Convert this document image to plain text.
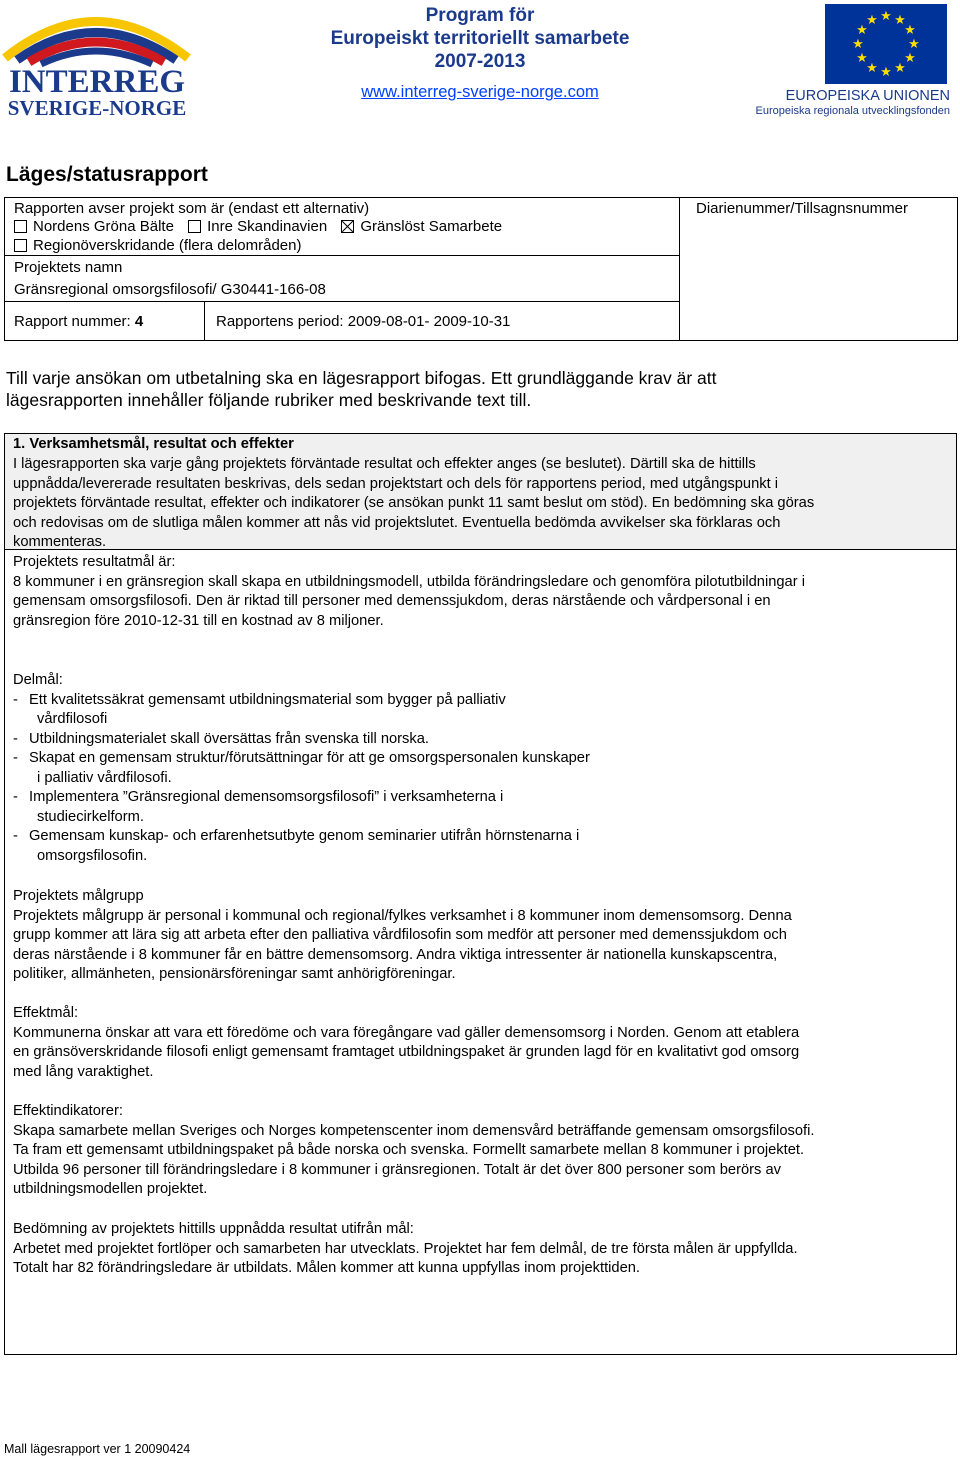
INTERREG
SVERIGE-NORGE
Program för
Europeiskt territoriellt samarbete
2007-2013
www.interreg-sverige-norge.com
★ ★
★
★
★
★
★
★
★
★
★
★
EUROPEISKA UNIONEN
Europeiska regionala utvecklingsfonden
Läges/statusrapport
Rapporten avser projekt som är (endast ett alternativ)
Nordens Gröna Bälte Inre Skandinavien Gränslöst Samarbete
Regionöverskridande (flera delområden)
Projektets namn
Gränsregional omsorgsfilosofi/ G30441-166-08
Rapport nummer: 4	Rapportens period: 2009-08-01- 2009-10-31
Diarienummer/Tillsagnsnummer
Till varje ansökan om utbetalning ska en lägesrapport bifogas. Ett grundläggande krav är att
lägesrapporten innehåller följande rubriker med beskrivande text till.
1. Verksamhetsmål, resultat och effekter

I lägesrapporten ska varje gång projektets förväntade resultat och effekter anges (se beslutet). Därtill ska de hittills

uppnådda/levererade resultaten beskrivas, dels sedan projektstart och dels för rapportens period, med utgångspunkt i

projektets förväntade resultat, effekter och indikatorer (se ansökan punkt 11 samt beslut om stöd). En bedömning ska göras

och redovisas om de slutliga målen kommer att nås vid projektslutet. Eventuella bedömda avvikelser ska förklaras och

kommenteras.

Projektets resultatmål är:

8 kommuner i en gränsregion skall skapa en utbildningsmodell, utbilda förändringsledare och genomföra pilotutbildningar i

gemensam omsorgsfilosofi. Den är riktad till personer med demenssjukdom, deras närstående och vårdpersonal i en

gränsregion före 2010-12-31 till en kostnad av 8 miljoner.

Delmål:

- Ett kvalitetssäkrat gemensamt utbildningsmaterial som bygger på palliativ

vårdfilosofi

- Utbildningsmaterialet skall översättas från svenska till norska.

- Skapat en gemensam struktur/förutsättningar för att ge omsorgspersonalen kunskaper

i palliativ vårdfilosofi.

- Implementera ”Gränsregional demensomsorgsfilosofi” i verksamheterna i

studiecirkelform.

- Gemensam kunskap- och erfarenhetsutbyte genom seminarier utifrån hörnstenarna i

omsorgsfilosofin.

Projektets målgrupp

Projektets målgrupp är personal i kommunal och regional/fylkes verksamhet i 8 kommuner inom demensomsorg. Denna

grupp kommer att lära sig att arbeta efter den palliativa vårdfilosofin som medför att personer med demenssjukdom och

deras närstående i 8 kommuner får en bättre demensomsorg. Andra viktiga intressenter är nationella kunskapscentra,

politiker, allmänheten, pensionärsföreningar samt anhörigföreningar.

Effektmål:

Kommunerna önskar att vara ett föredöme och vara föregångare vad gäller demensomsorg i Norden. Genom att etablera

en gränsöverskridande filosofi enligt gemensamt framtaget utbildningspaket är grunden lagd för en kvalitativt god omsorg

med lång varaktighet.

Effektindikatorer:

Skapa samarbete mellan Sveriges och Norges kompetenscenter inom demensvård beträffande gemensam omsorgsfilosofi.

Ta fram ett gemensamt utbildningspaket på både norska och svenska. Formellt samarbete mellan 8 kommuner i projektet.

Utbilda 96 personer till förändringsledare i 8 kommuner i gränsregionen. Totalt är det över 800 personer som berörs av

utbildningsmodellen projektet.

Bedömning av projektets hittills uppnådda resultat utifrån mål:

Arbetet med projektet fortlöper och samarbeten har utvecklats. Projektet har fem delmål, de tre första målen är uppfyllda.

Totalt har 82 förändringsledare är utbildats. Målen kommer att kunna uppfyllas inom projekttiden.

Mall lägesrapport ver 1 20090424
